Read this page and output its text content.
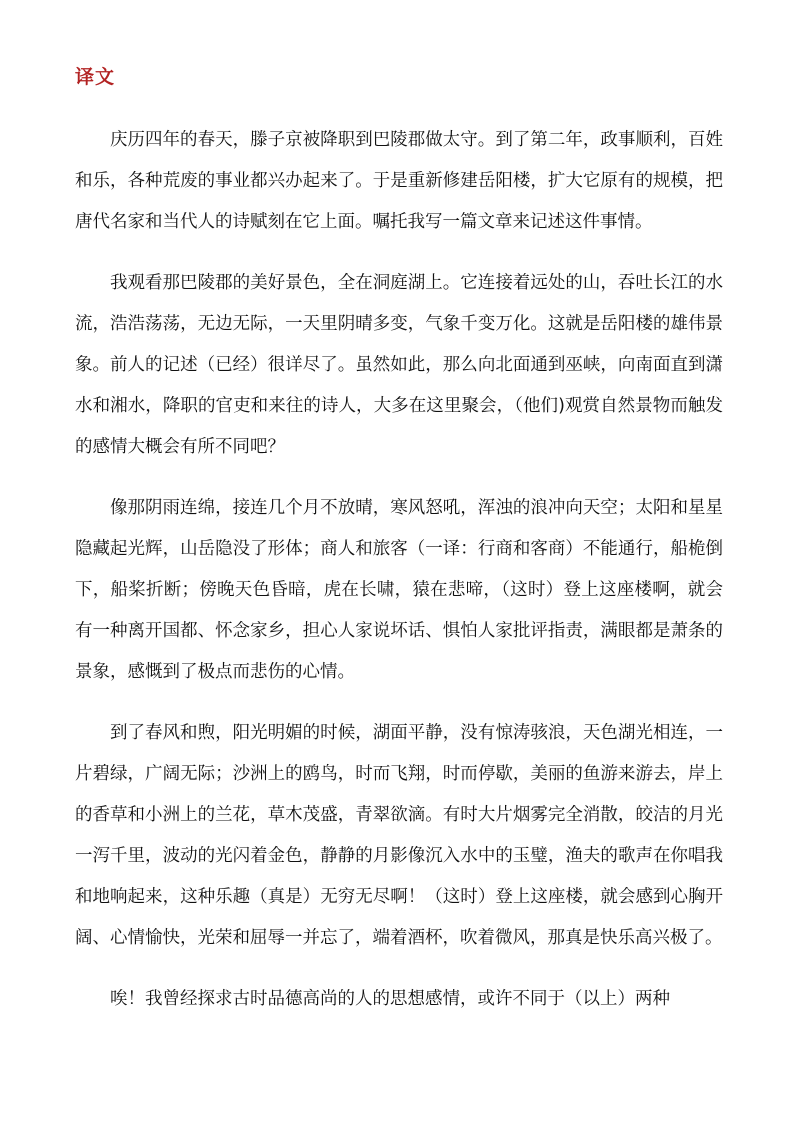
译文

庆历四年的春天，滕子京被降职到巴陵郡做太守。到了第二年，政事顺利，百姓和乐，各种荒废的事业都兴办起来了。于是重新修建岳阳楼，扩大它原有的规模，把唐代名家和当代人的诗赋刻在它上面。嘱托我写一篇文章来记述这件事情。

我观看那巴陵郡的美好景色，全在洞庭湖上。它连接着远处的山，吞吐长江的水流，浩浩荡荡，无边无际，一天里阴晴多变，气象千变万化。这就是岳阳楼的雄伟景象。前人的记述（已经）很详尽了。虽然如此，那么向北面通到巫峡，向南面直到潇水和湘水，降职的官吏和来往的诗人，大多在这里聚会，（他们)观赏自然景物而触发的感情大概会有所不同吧？

像那阴雨连绵，接连几个月不放晴，寒风怒吼，浑浊的浪冲向天空；太阳和星星隐藏起光辉，山岳隐没了形体；商人和旅客（一译：行商和客商）不能通行，船桅倒下，船桨折断；傍晚天色昏暗，虎在长啸，猿在悲啼，（这时）登上这座楼啊，就会有一种离开国都、怀念家乡，担心人家说坏话、惧怕人家批评指责，满眼都是萧条的景象，感慨到了极点而悲伤的心情。

到了春风和煦，阳光明媚的时候，湖面平静，没有惊涛骇浪，天色湖光相连，一片碧绿，广阔无际；沙洲上的鸥鸟，时而飞翔，时而停歇，美丽的鱼游来游去，岸上的香草和小洲上的兰花，草木茂盛，青翠欲滴。有时大片烟雾完全消散，皎洁的月光一泻千里，波动的光闪着金色，静静的月影像沉入水中的玉璧，渔夫的歌声在你唱我和地响起来，这种乐趣（真是）无穷无尽啊！（这时）登上这座楼，就会感到心胸开阔、心情愉快，光荣和屈辱一并忘了，端着酒杯，吹着微风，那真是快乐高兴极了。

唉！我曾经探求古时品德高尚的人的思想感情，或许不同于（以上）两种
